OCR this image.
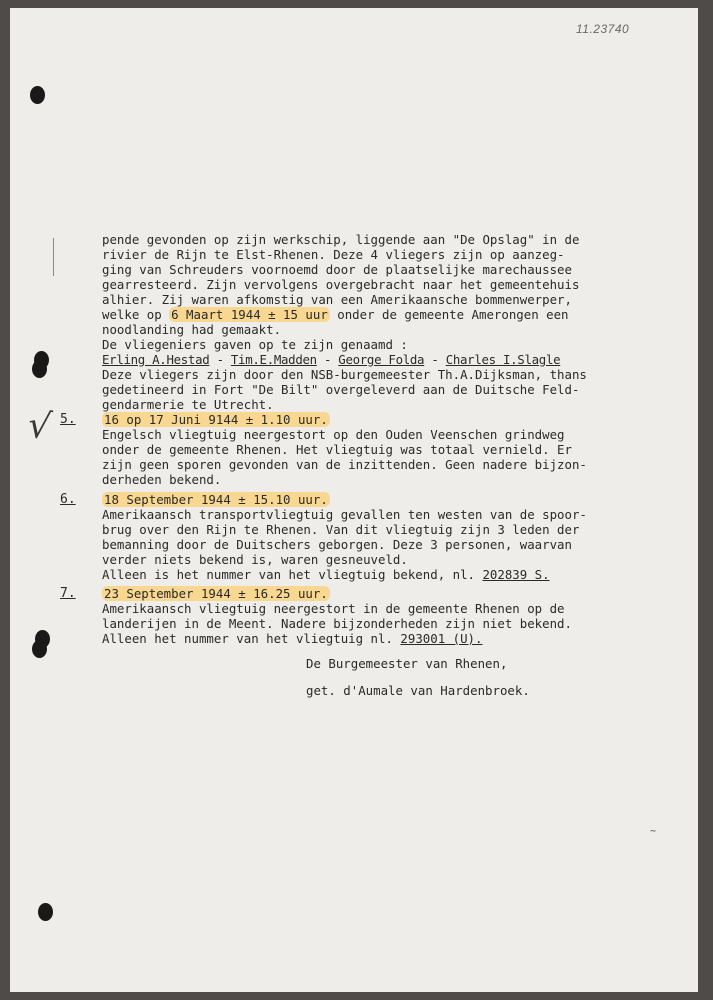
11.23740
√
~
pende gevonden op zijn werkschip, liggende aan "De Opslag" in de
rivier de Rijn te Elst-Rhenen. Deze 4 vliegers zijn op aanzeg-
ging van Schreuders voornoemd door de plaatselijke marechaussee
gearresteerd. Zijn vervolgens overgebracht naar het gemeentehuis
alhier. Zij waren afkomstig van een Amerikaansche bommenwerper,
welke op 6 Maart 1944 ± 15 uur onder de gemeente Amerongen een
noodlanding had gemaakt.
De vliegeniers gaven op te zijn genaamd :
Erling A.Hestad - Tim.E.Madden - George Folda - Charles I.Slagle
Deze vliegers zijn door den NSB-burgemeester Th.A.Dijksman, thans
gedetineerd in Fort "De Bilt" overgeleverd aan de Duitsche Feld-
gendarmerie te Utrecht.
5. 16 op 17 Juni 9144 ± 1.10 uur.
Engelsch vliegtuig neergestort op den Ouden Veenschen grindweg
onder de gemeente Rhenen. Het vliegtuig was totaal vernield. Er
zijn geen sporen gevonden van de inzittenden. Geen nadere bijzon-
derheden bekend.
6. 18 September 1944 ± 15.10 uur.
Amerikaansch transportvliegtuig gevallen ten westen van de spoor-
brug over den Rijn te Rhenen. Van dit vliegtuig zijn 3 leden der
bemanning door de Duitschers geborgen. Deze 3 personen, waarvan
verder niets bekend is, waren gesneuveld.
Alleen is het nummer van het vliegtuig bekend, nl. 202839 S.
7. 23 September 1944 ± 16.25 uur.
Amerikaansch vliegtuig neergestort in de gemeente Rhenen op de
landerijen in de Meent. Nadere bijzonderheden zijn niet bekend.
Alleen het nummer van het vliegtuig nl. 293001 (U).
De Burgemeester van Rhenen,
get. d'Aumale van Hardenbroek.
